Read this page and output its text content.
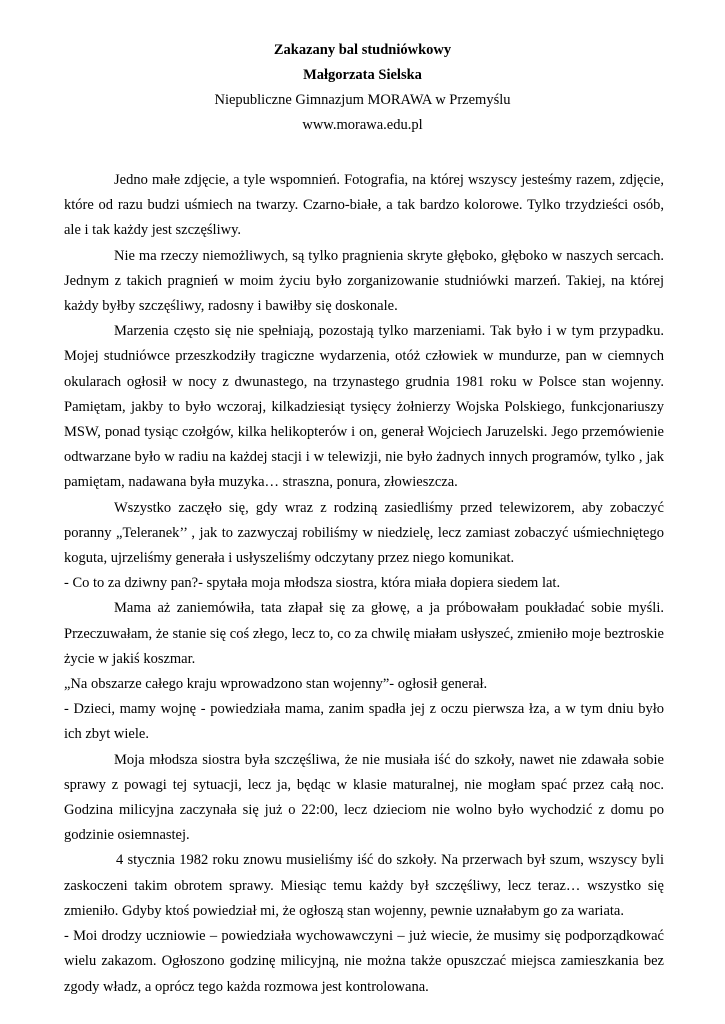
Zakazany bal studniówkowy
Małgorzata Sielska
Niepubliczne Gimnazjum MORAWA w Przemyślu
www.morawa.edu.pl

Jedno małe zdjęcie, a tyle wspomnień. Fotografia, na której wszyscy jesteśmy razem, zdjęcie, które od razu budzi uśmiech na twarzy. Czarno-białe, a tak bardzo kolorowe. Tylko trzydzieści osób, ale i tak każdy jest szczęśliwy.

Nie ma rzeczy niemożliwych, są tylko pragnienia skryte głęboko, głęboko w naszych sercach. Jednym z takich pragnień w moim życiu było zorganizowanie studniówki marzeń. Takiej, na której każdy byłby szczęśliwy, radosny i bawiłby się doskonale.

Marzenia często się nie spełniają, pozostają tylko marzeniami. Tak było i w tym przypadku. Mojej studniówce przeszkodziły tragiczne wydarzenia, otóż człowiek w mundurze, pan w ciemnych okularach ogłosił w nocy z dwunastego, na trzynastego grudnia 1981 roku w Polsce stan wojenny. Pamiętam, jakby to było wczoraj, kilkadziesiąt tysięcy żołnierzy Wojska Polskiego, funkcjonariuszy MSW, ponad tysiąc czołgów, kilka helikopterów i on, generał Wojciech Jaruzelski. Jego przemówienie odtwarzane było w radiu na każdej stacji i w telewizji, nie było żadnych innych programów, tylko , jak pamiętam, nadawana była muzyka… straszna, ponura, złowieszcza.

Wszystko zaczęło się, gdy wraz z rodziną zasiedliśmy przed telewizorem, aby zobaczyć poranny „Teleranek’’ , jak to zazwyczaj robiliśmy w niedzielę, lecz zamiast zobaczyć uśmiechniętego koguta, ujrzeliśmy generała i usłyszeliśmy odczytany przez niego komunikat.

- Co to za dziwny pan?- spytała moja młodsza siostra, która miała dopiera siedem lat.

Mama aż zaniemówiła, tata złapał się za głowę, a ja próbowałam poukładać sobie myśli. Przeczuwałam, że stanie się coś złego, lecz to, co za chwilę miałam usłyszeć, zmieniło moje beztroskie życie w jakiś koszmar.

„Na obszarze całego kraju wprowadzono stan wojenny”- ogłosił generał.

- Dzieci, mamy wojnę - powiedziała mama, zanim spadła jej z oczu pierwsza łza, a w tym dniu było ich zbyt wiele.

Moja młodsza siostra była szczęśliwa, że nie musiała iść do szkoły, nawet nie zdawała sobie sprawy z powagi tej sytuacji, lecz ja, będąc w klasie maturalnej, nie mogłam spać przez całą noc. Godzina milicyjna zaczynała się już o 22:00, lecz dzieciom nie wolno było wychodzić z domu po godzinie osiemnastej.

4 stycznia 1982 roku znowu musieliśmy iść do szkoły. Na przerwach był szum, wszyscy byli zaskoczeni takim obrotem sprawy. Miesiąc temu każdy był szczęśliwy, lecz teraz… wszystko się zmieniło. Gdyby ktoś powiedział mi, że ogłoszą stan wojenny, pewnie uznałabym go za wariata.

- Moi drodzy uczniowie – powiedziała wychowawczyni – już wiecie, że musimy się podporządkować wielu zakazom. Ogłoszono godzinę milicyjną, nie można także opuszczać miejsca zamieszkania bez zgody władz, a oprócz tego każda rozmowa jest kontrolowana.
